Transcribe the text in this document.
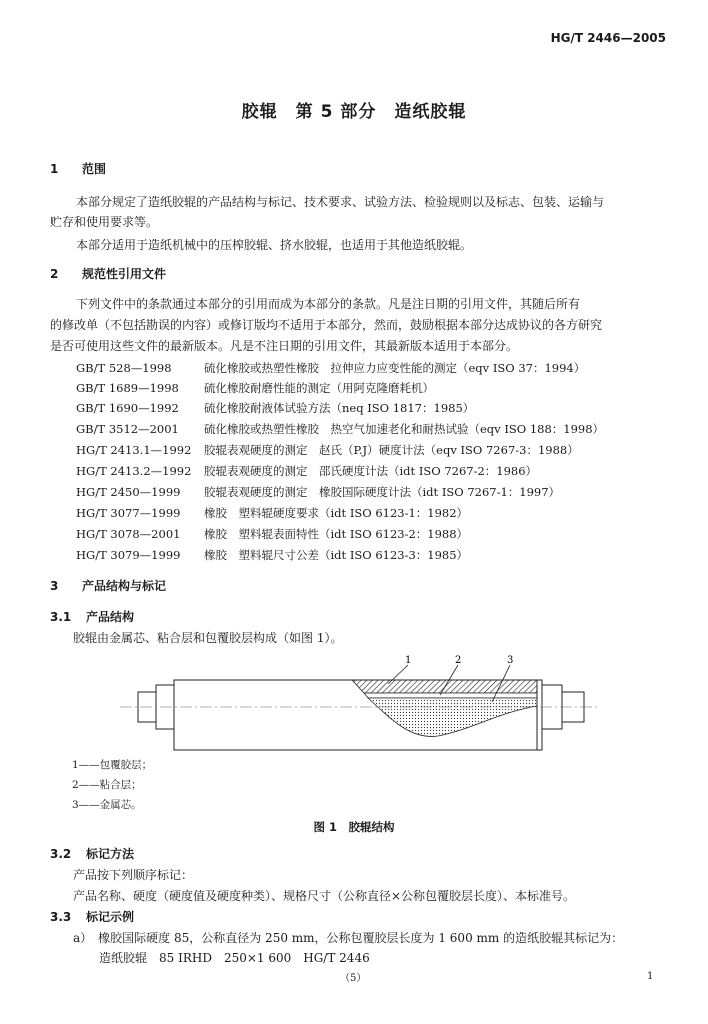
HG/T 2446—2005
胶辊　第 5 部分　造纸胶辊
1 范围
本部分规定了造纸胶辊的产品结构与标记、技术要求、试验方法、检验规则以及标志、包装、运输与
贮存和使用要求等。
本部分适用于造纸机械中的压榨胶辊、挤水胶辊，也适用于其他造纸胶辊。
2 规范性引用文件
下列文件中的条款通过本部分的引用而成为本部分的条款。凡是注日期的引用文件，其随后所有
的修改单（不包括勘误的内容）或修订版均不适用于本部分，然而，鼓励根据本部分达成协议的各方研究
是否可使用这些文件的最新版本。凡是不注日期的引用文件，其最新版本适用于本部分。
GB/T 528—1998	硫化橡胶或热塑性橡胶　拉伸应力应变性能的测定（eqv ISO 37：1994）
GB/T 1689—1998 硫化橡胶耐磨性能的测定（用阿克隆磨耗机）
GB/T 1690—1992 硫化橡胶耐液体试验方法（neq ISO 1817：1985）
GB/T 3512—2001 硫化橡胶或热塑性橡胶　热空气加速老化和耐热试验（eqv ISO 188：1998）
HG/T 2413.1—1992 胶辊表观硬度的测定　赵氏（P.J）硬度计法（eqv ISO 7267-3：1988）
HG/T 2413.2—1992 胶辊表观硬度的测定　邵氏硬度计法（idt ISO 7267-2：1986）
HG/T 2450—1999 胶辊表观硬度的测定　橡胶国际硬度计法（idt ISO 7267-1：1997）
HG/T 3077—1999 橡胶　塑料辊硬度要求（idt ISO 6123-1：1982）
HG/T 3078—2001 橡胶　塑料辊表面特性（idt ISO 6123-2：1988）
HG/T 3079—1999 橡胶　塑料辊尺寸公差（idt ISO 6123-3：1985）
3 产品结构与标记
3.1 产品结构
胶辊由金属芯、粘合层和包覆胶层构成（如图 1）。
1	2	3
1——包覆胶层；
2——粘合层；
3——金属芯。
图 1　胶辊结构
3.2 标记方法
产品按下列顺序标记：
产品名称、硬度（硬度值及硬度种类）、规格尺寸（公称直径×公称包覆胶层长度）、本标准号。
3.3 标记示例
a）  橡胶国际硬度 85，公称直径为 250 mm，公称包覆胶层长度为 1 600 mm 的造纸胶辊其标记为：
造纸胶辊　85 IRHD　250×1 600　HG/T 2446
（5）	1
